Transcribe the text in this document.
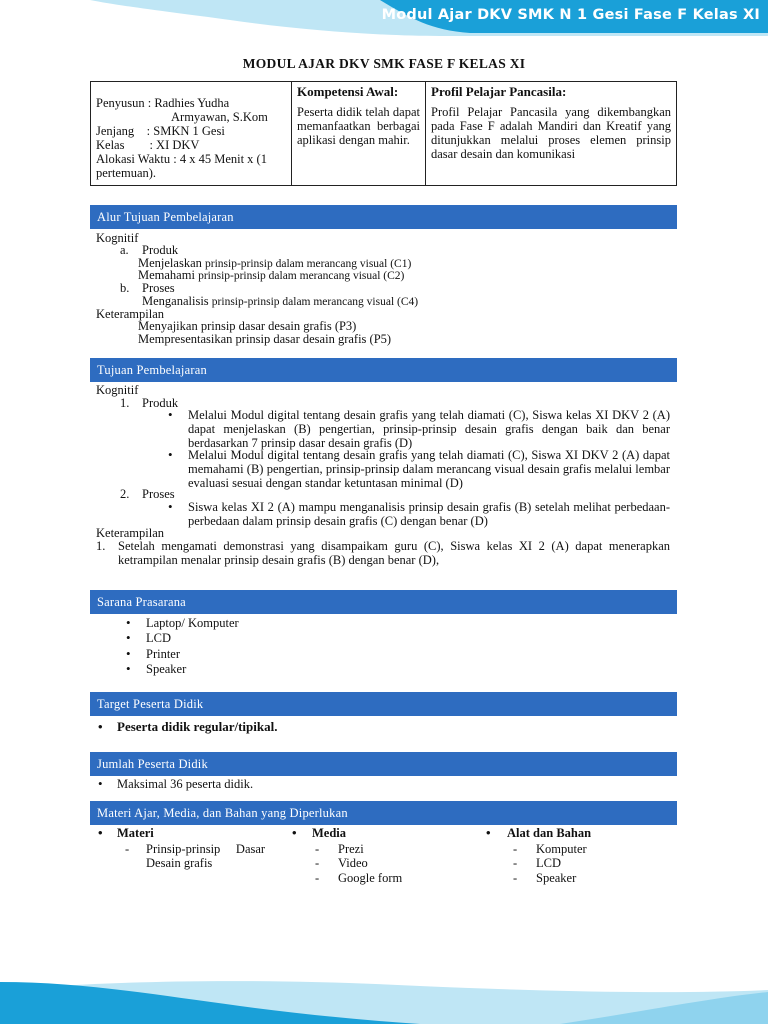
Modul Ajar DKV SMK N 1 Gesi Fase F Kelas XI
MODUL AJAR DKV SMK FASE F KELAS XI
Penyusun : Radhies Yudha
Armyawan, S.Kom
Jenjang    : SMKN 1 Gesi
Kelas        : XI DKV
Alokasi Waktu : 4 x 45 Menit x (1 pertemuan).

Kompetensi Awal:
Peserta didik telah dapat memanfaatkan berbagai aplikasi dengan mahir.

Profil Pelajar Pancasila:
Profil Pelajar Pancasila yang dikembangkan pada Fase F adalah Mandiri dan Kreatif yang ditunjukkan melalui proses elemen prinsip dasar desain dan komunikasi
Alur Tujuan Pembelajaran
Kognitif
a. Produk
Menjelaskan prinsip-prinsip dalam merancang visual (C1)
Memahami prinsip-prinsip dalam merancang visual (C2)
b. Proses
Menganalisis prinsip-prinsip dalam merancang visual (C4)
Keterampilan
Menyajikan prinsip dasar desain grafis (P3)
Mempresentasikan prinsip dasar desain grafis (P5)
Tujuan Pembelajaran
Kognitif
1. Produk
• Melalui Modul digital tentang desain grafis yang telah diamati (C), Siswa kelas XI DKV 2 (A) dapat menjelaskan (B) pengertian, prinsip-prinsip desain grafis dengan baik dan benar berdasarkan 7 prinsip dasar desain grafis (D)
• Melalui Modul digital tentang desain grafis yang telah diamati (C), Siswa XI DKV 2 (A) dapat memahami (B) pengertian, prinsip-prinsip dalam merancang visual desain grafis melalui lembar evaluasi sesuai dengan standar ketuntasan minimal (D)
2. Proses
• Siswa kelas XI 2 (A) mampu menganalisis prinsip desain grafis (B) setelah melihat perbedaan-perbedaan dalam prinsip desain grafis (C) dengan benar (D)
Keterampilan
1. Setelah mengamati demonstrasi yang disampaikam guru (C), Siswa kelas XI 2 (A) dapat menerapkan ketrampilan menalar prinsip desain grafis (B) dengan benar (D),
Sarana Prasarana
• Laptop/ Komputer
• LCD
• Printer
• Speaker
Target Peserta Didik
• Peserta didik regular/tipikal.
Jumlah Peserta Didik
• Maksimal 36 peserta didik.
Materi Ajar, Media, dan Bahan yang Diperlukan
• Materi
- Prinsip-prinsip     Dasar
Desain grafis
• Media
- Prezi
- Video
- Google form
• Alat dan Bahan
- Komputer
- LCD
- Speaker
